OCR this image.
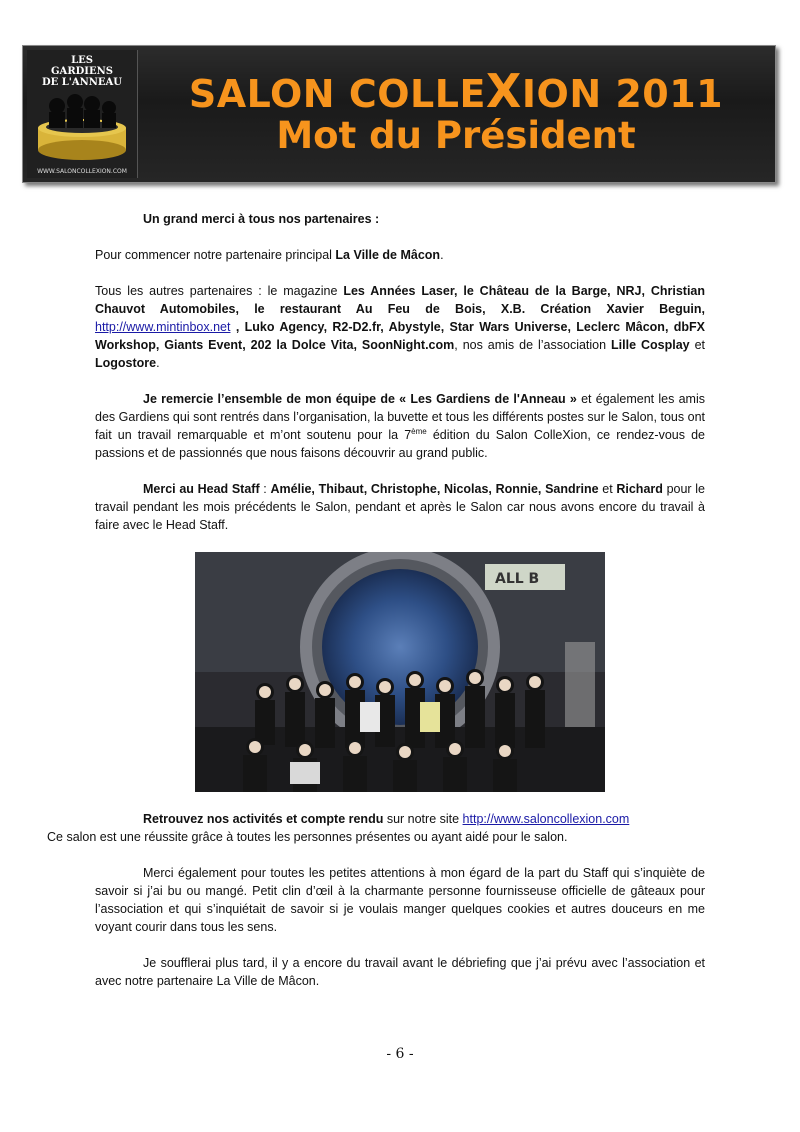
LES
GARDIENS
DE L'ANNEAU
WWW.SALONCOLLEXION.COM
SALON COLLEXION 2011
Mot du Président

Un grand merci à tous nos partenaires :

Pour commencer notre partenaire principal La Ville de Mâcon.

Tous les autres partenaires : le magazine Les Années Laser, le Château de la Barge, NRJ, Christian Chauvot Automobiles, le restaurant Au Feu de Bois, X.B. Création Xavier Beguin, http://www.mintinbox.net , Luko Agency, R2-D2.fr, Abystyle, Star Wars Universe, Leclerc Mâcon, dbFX Workshop, Giants Event, 202 la Dolce Vita, SoonNight.com, nos amis de l’association Lille Cosplay et Logostore.

Je remercie l’ensemble de mon équipe de « Les Gardiens de l'Anneau » et également les amis des Gardiens qui sont rentrés dans l’organisation, la buvette et tous les différents postes sur le Salon, tous ont fait un travail remarquable et m’ont soutenu pour la 7ème édition du Salon ColleXion, ce rendez-vous de passions et de passionnés que nous faisons découvrir au grand public.

Merci au Head Staff : Amélie, Thibaut, Christophe, Nicolas, Ronnie, Sandrine et Richard pour le travail pendant les mois précédents le Salon, pendant et après le Salon car nous avons encore du travail à faire avec le Head Staff.

ALL B

Retrouvez nos activités et compte rendu sur notre site http://www.saloncollexion.com
Ce salon est une réussite grâce à toutes les personnes présentes ou ayant aidé pour le salon.

Merci également pour toutes les petites attentions à mon égard de la part du Staff qui s’inquiète de savoir si j’ai bu ou mangé. Petit clin d’œil à la charmante personne fournisseuse officielle de gâteaux pour l’association et qui s’inquiétait de savoir si je voulais manger quelques cookies et autres douceurs en me voyant courir dans tous les sens.

Je soufflerai plus tard, il y a encore du travail avant le débriefing que j’ai prévu avec l’association et avec notre partenaire La Ville de Mâcon.

- 6 -
